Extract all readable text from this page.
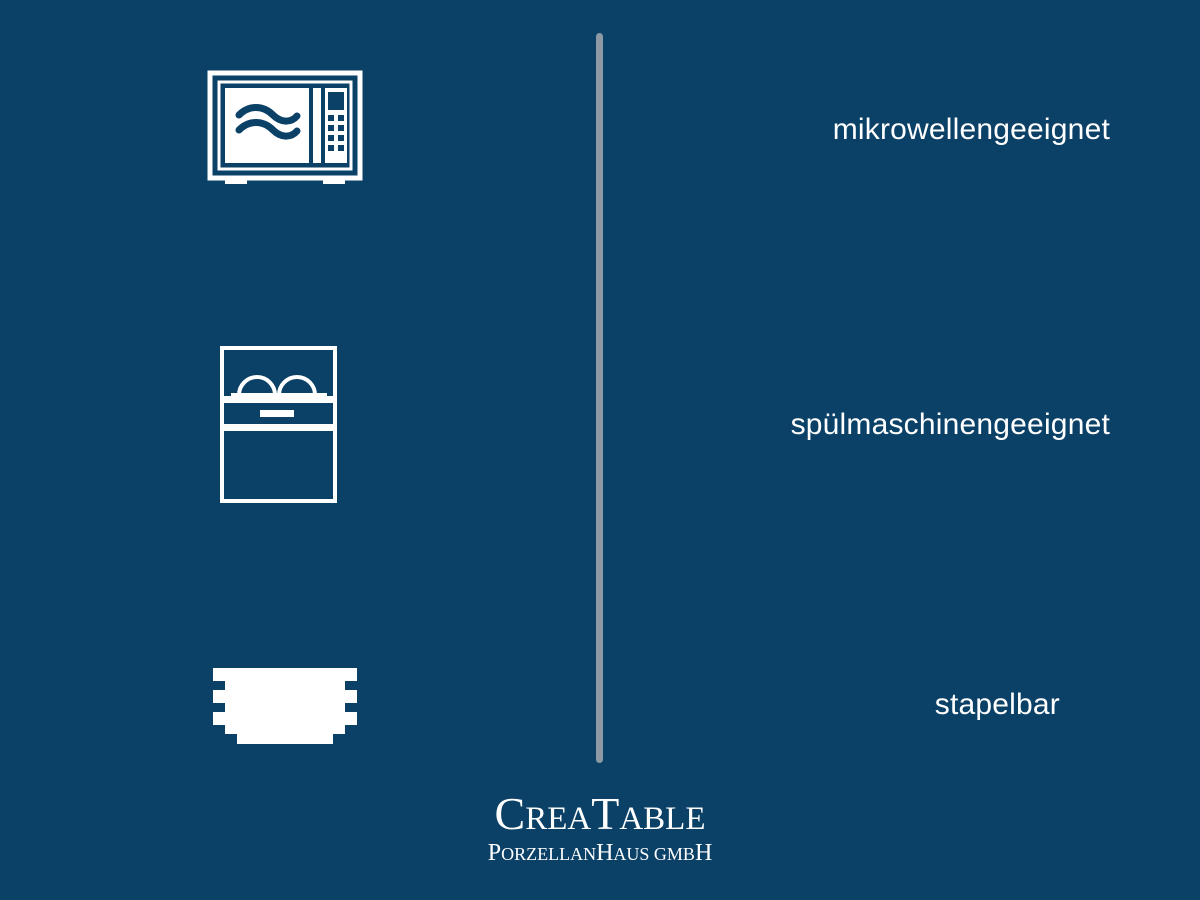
mikrowellengeeignet
spülmaschinengeeignet
stapelbar
CREATABLE
PORZELLANHAUS GMBH
